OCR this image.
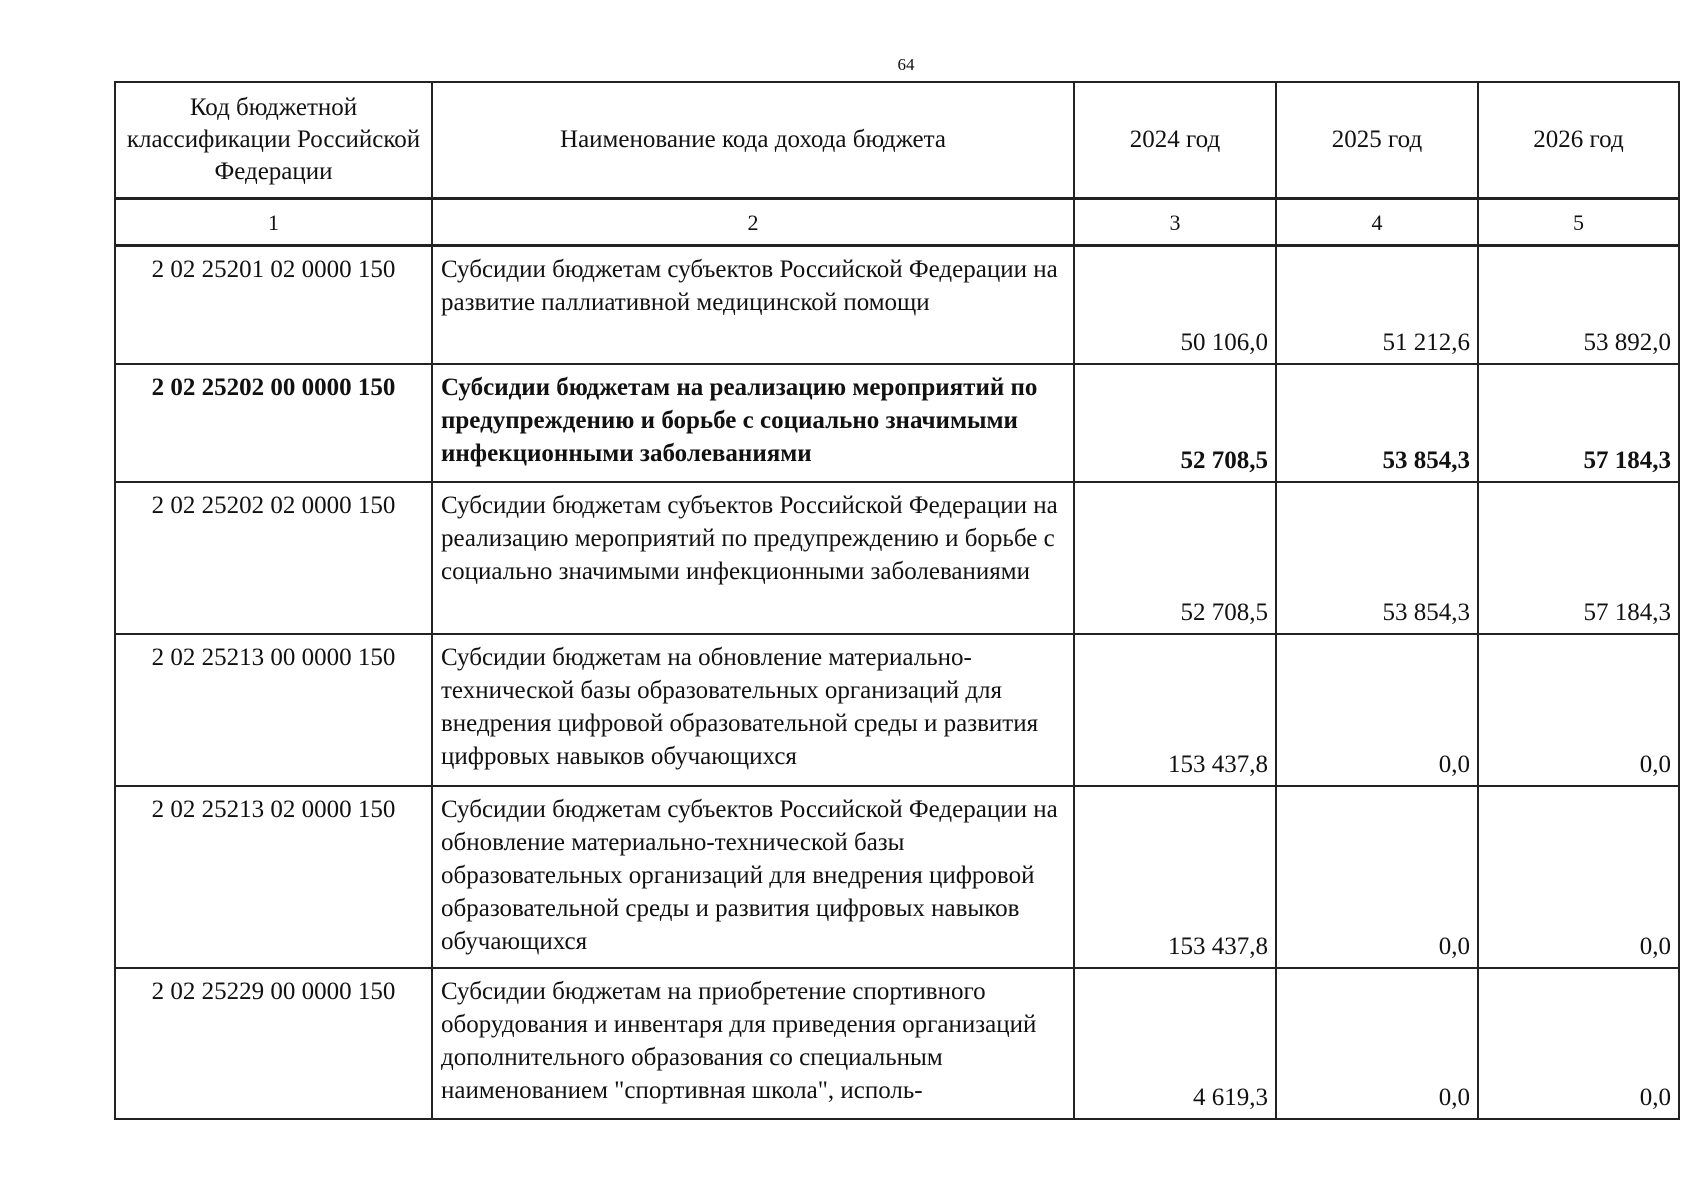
64
Код бюджетной классификации Российской Федерации	Наименование кода дохода бюджета	2024 год	2025 год	2026 год
1	2	3	4	5
2 02 25201 02 0000 150	Субсидии бюджетам субъектов Российской Федерации на развитие паллиативной медицинской помощи	50 106,0	51 212,6	53 892,0
2 02 25202 00 0000 150	Субсидии бюджетам на реализацию мероприятий по предупреждению и борьбе с социально значимыми инфекционными заболеваниями	52 708,5	53 854,3	57 184,3
2 02 25202 02 0000 150	Субсидии бюджетам субъектов Российской Федерации на реализацию мероприятий по предупреждению и борьбе с социально значимыми инфекционными заболеваниями	52 708,5	53 854,3	57 184,3
2 02 25213 00 0000 150	Субсидии бюджетам на обновление материально-технической базы образовательных организаций для внедрения цифровой образовательной среды и развития цифровых навыков обучающихся	153 437,8	0,0	0,0
2 02 25213 02 0000 150	Субсидии бюджетам субъектов Российской Федерации на обновление материально-технической базы образовательных организаций для внедрения цифровой образовательной среды и развития цифровых навыков обучающихся	153 437,8	0,0	0,0
2 02 25229 00 0000 150	Субсидии бюджетам на приобретение спортивного оборудования и инвентаря для приведения организаций дополнительного образования со специальным наименованием "спортивная школа", исполь-	4 619,3	0,0	0,0
